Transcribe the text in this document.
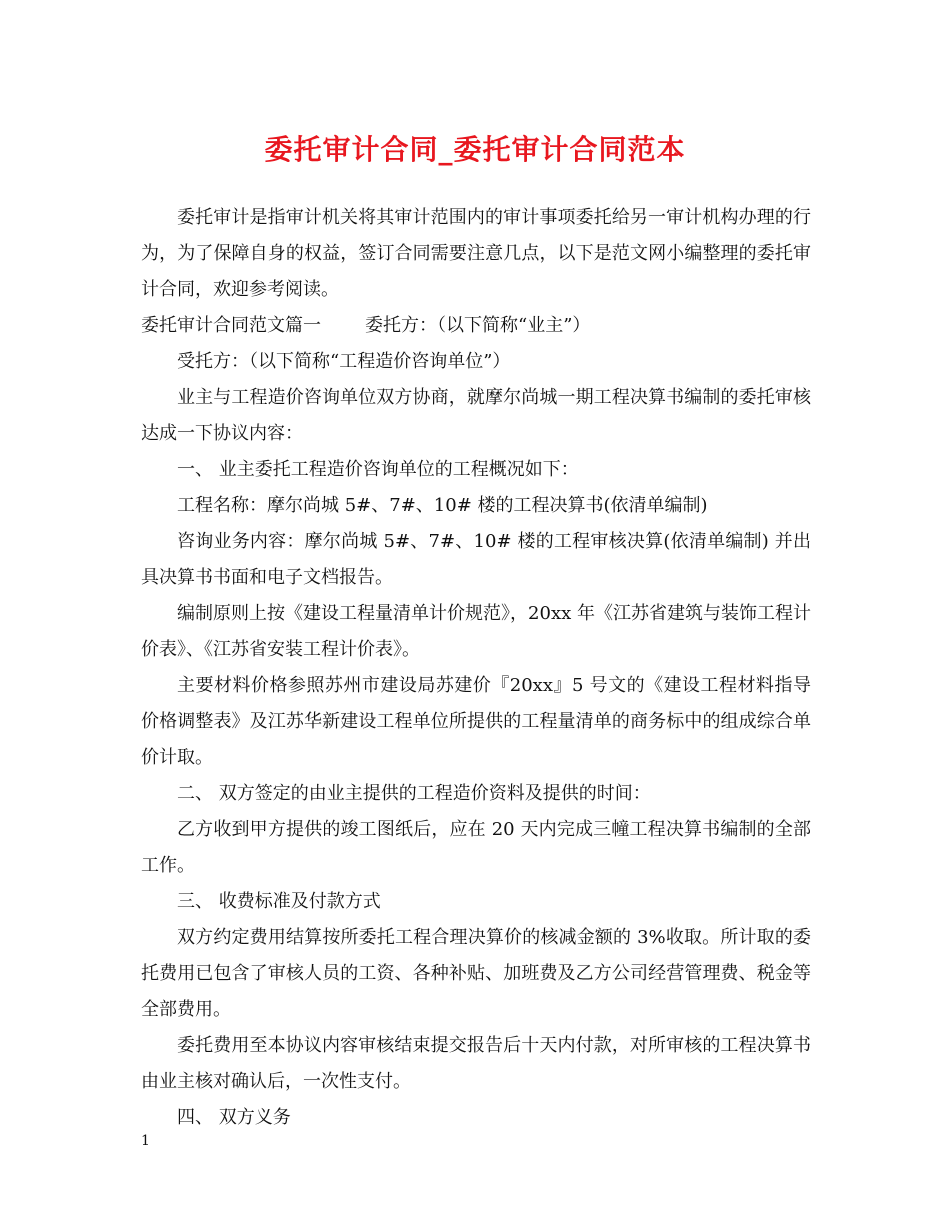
委托审计合同_委托审计合同范本

委托审计是指审计机关将其审计范围内的审计事项委托给另一审计机构办理的行为，为了保障自身的权益，签订合同需要注意几点，以下是范文网小编整理的委托审计合同，欢迎参考阅读。

委托审计合同范文篇一 委托方：（以下简称“业主”）

受托方：（以下简称“工程造价咨询单位”）

业主与工程造价咨询单位双方协商，就摩尔尚城一期工程决算书编制的委托审核达成一下协议内容：

一、 业主委托工程造价咨询单位的工程概况如下：

工程名称：摩尔尚城 5#、7#、10# 楼的工程决算书(依清单编制)

咨询业务内容：摩尔尚城 5#、7#、10# 楼的工程审核决算(依清单编制) 并出具决算书书面和电子文档报告。

编制原则上按《建设工程量清单计价规范》，20xx 年《江苏省建筑与装饰工程计价表》、《江苏省安装工程计价表》。

主要材料价格参照苏州市建设局苏建价『20xx』5 号文的《建设工程材料指导价格调整表》及江苏华新建设工程单位所提供的工程量清单的商务标中的组成综合单价计取。

二、 双方签定的由业主提供的工程造价资料及提供的时间：

乙方收到甲方提供的竣工图纸后，应在 20 天内完成三幢工程决算书编制的全部工作。

三、 收费标准及付款方式

双方约定费用结算按所委托工程合理决算价的核减金额的 3%收取。所计取的委托费用已包含了审核人员的工资、各种补贴、加班费及乙方公司经营管理费、税金等全部费用。

委托费用至本协议内容审核结束提交报告后十天内付款，对所审核的工程决算书由业主核对确认后，一次性支付。

四、 双方义务

1
